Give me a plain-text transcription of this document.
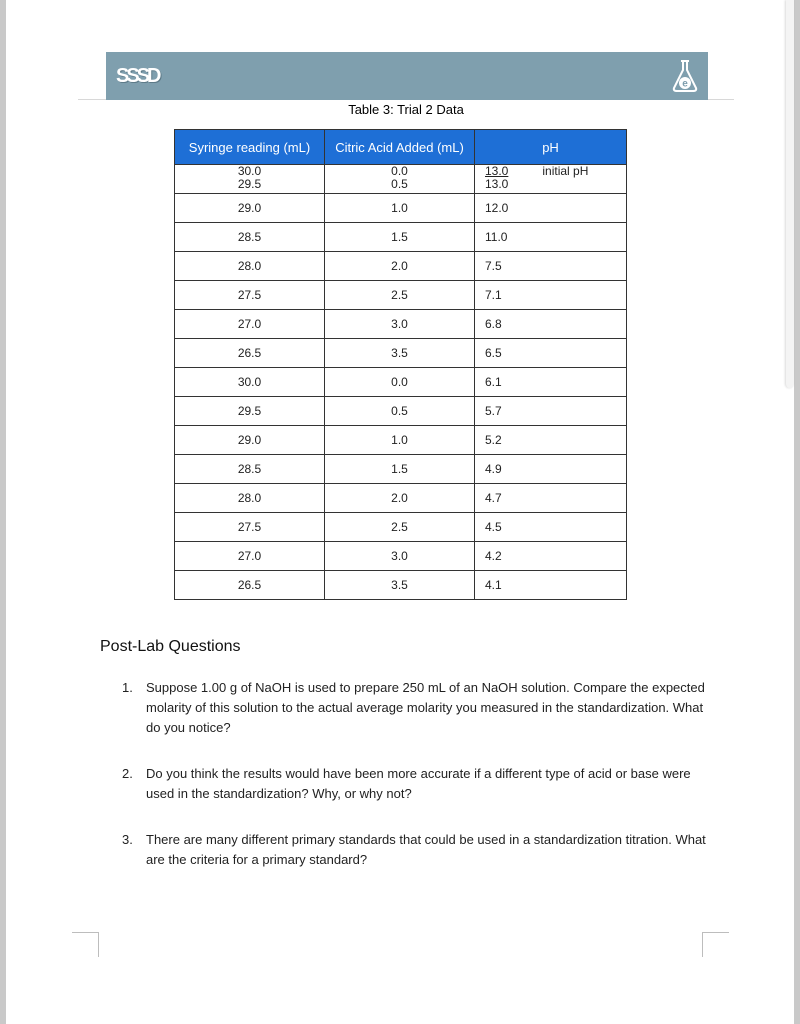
SSSD	e
Table 3: Trial 2 Data
Syringe reading (mL)	Citric Acid Added (mL)	pH
30.0	0.0	13.0 initial pH

29.5	0.5	13.0
29.0	1.0	12.0
28.5	1.5	11.0
28.0	2.0	7.5
27.5	2.5	7.1
27.0	3.0	6.8
26.5	3.5	6.5
30.0	0.0	6.1
29.5	0.5	5.7
29.0	1.0	5.2
28.5	1.5	4.9
28.0	2.0	4.7
27.5	2.5	4.5
27.0	3.0	4.2
26.5	3.5	4.1
Post-Lab Questions
1.	Suppose 1.00 g of NaOH is used to prepare 250 mL of an NaOH solution. Compare the expected molarity of this solution to the actual average molarity you measured in the standardization. What do you notice?
2.	Do you think the results would have been more accurate if a different type of acid or base were used in the standardization? Why, or why not?
3.	There are many different primary standards that could be used in a standardization titration. What are the criteria for a primary standard?
